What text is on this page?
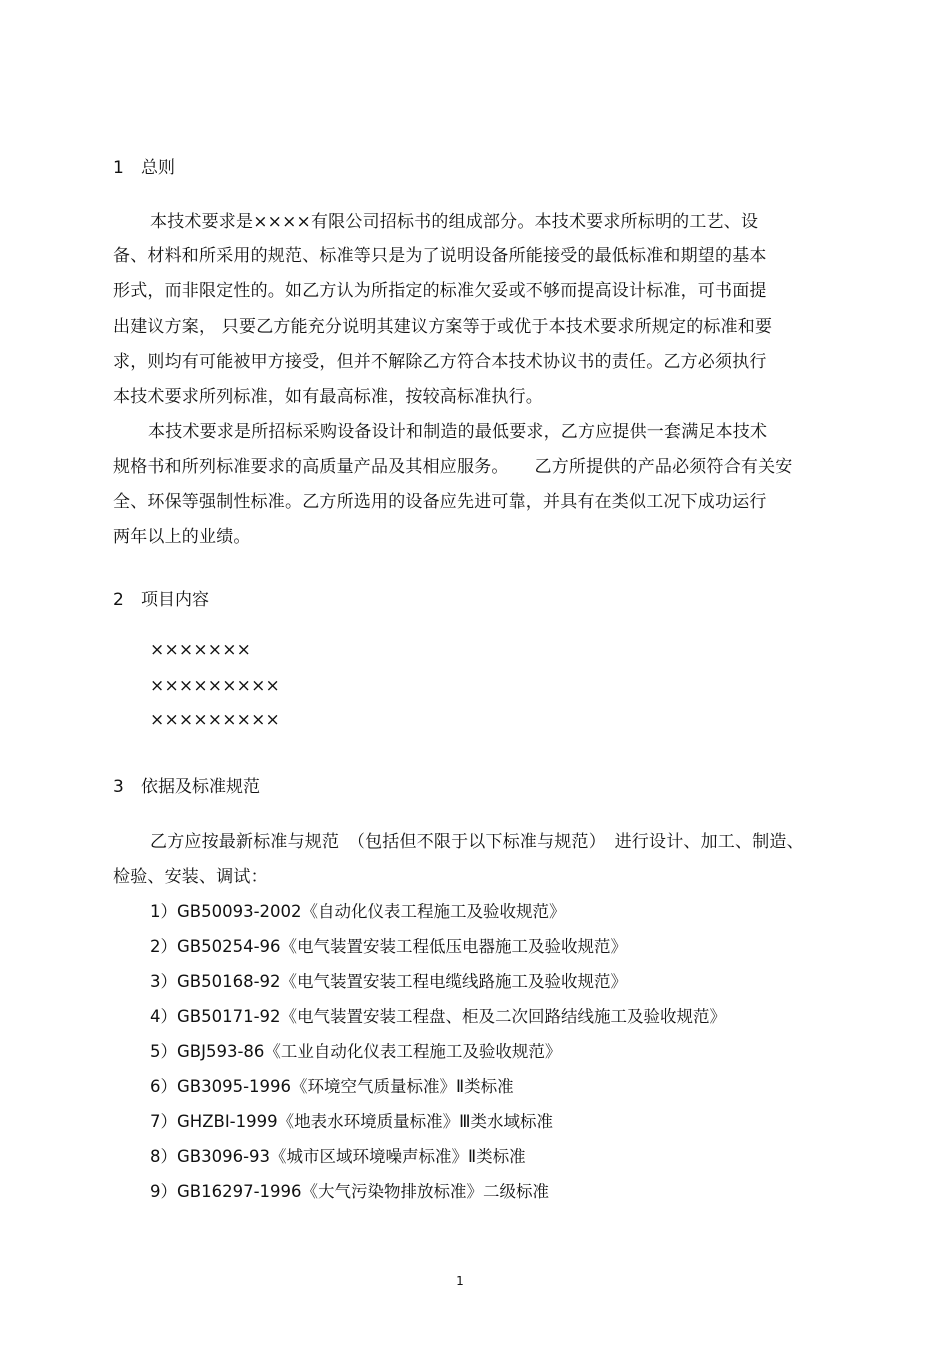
1 总则
本技术要求是××××有限公司招标书的组成部分。本技术要求所标明的工艺、设
备、材料和所采用的规范、标准等只是为了说明设备所能接受的最低标准和期望的基本
形式，而非限定性的。如乙方认为所指定的标准欠妥或不够而提高设计标准，可书面提
出建议方案， 只要乙方能充分说明其建议方案等于或优于本技术要求所规定的标准和要
求，则均有可能被甲方接受，但并不解除乙方符合本技术协议书的责任。乙方必须执行
本技术要求所列标准，如有最高标准，按较高标准执行。
本技术要求是所招标采购设备设计和制造的最低要求，乙方应提供一套满足本技术
规格书和所列标准要求的高质量产品及其相应服务。　　乙方所提供的产品必须符合有关安
全、环保等强制性标准。乙方所选用的设备应先进可靠，并具有在类似工况下成功运行
两年以上的业绩。
2 项目内容
×××××××
×××××××××
×××××××××
3 依据及标准规范
乙方应按最新标准与规范　（包括但不限于以下标准与规范）　进行设计、加工、制造、
检验、安装、调试：
1）GB50093-2002《自动化仪表工程施工及验收规范》
2）GB50254-96《电气装置安装工程低压电器施工及验收规范》
3）GB50168-92《电气装置安装工程电缆线路施工及验收规范》
4）GB50171-92《电气装置安装工程盘、柜及二次回路结线施工及验收规范》
5）GBJ593-86《工业自动化仪表工程施工及验收规范》
6）GB3095-1996《环境空气质量标准》Ⅱ类标准
7）GHZBI-1999《地表水环境质量标准》Ⅲ类水域标准
8）GB3096-93《城市区域环境噪声标准》Ⅱ类标准
9）GB16297-1996《大气污染物排放标准》二级标准
1
